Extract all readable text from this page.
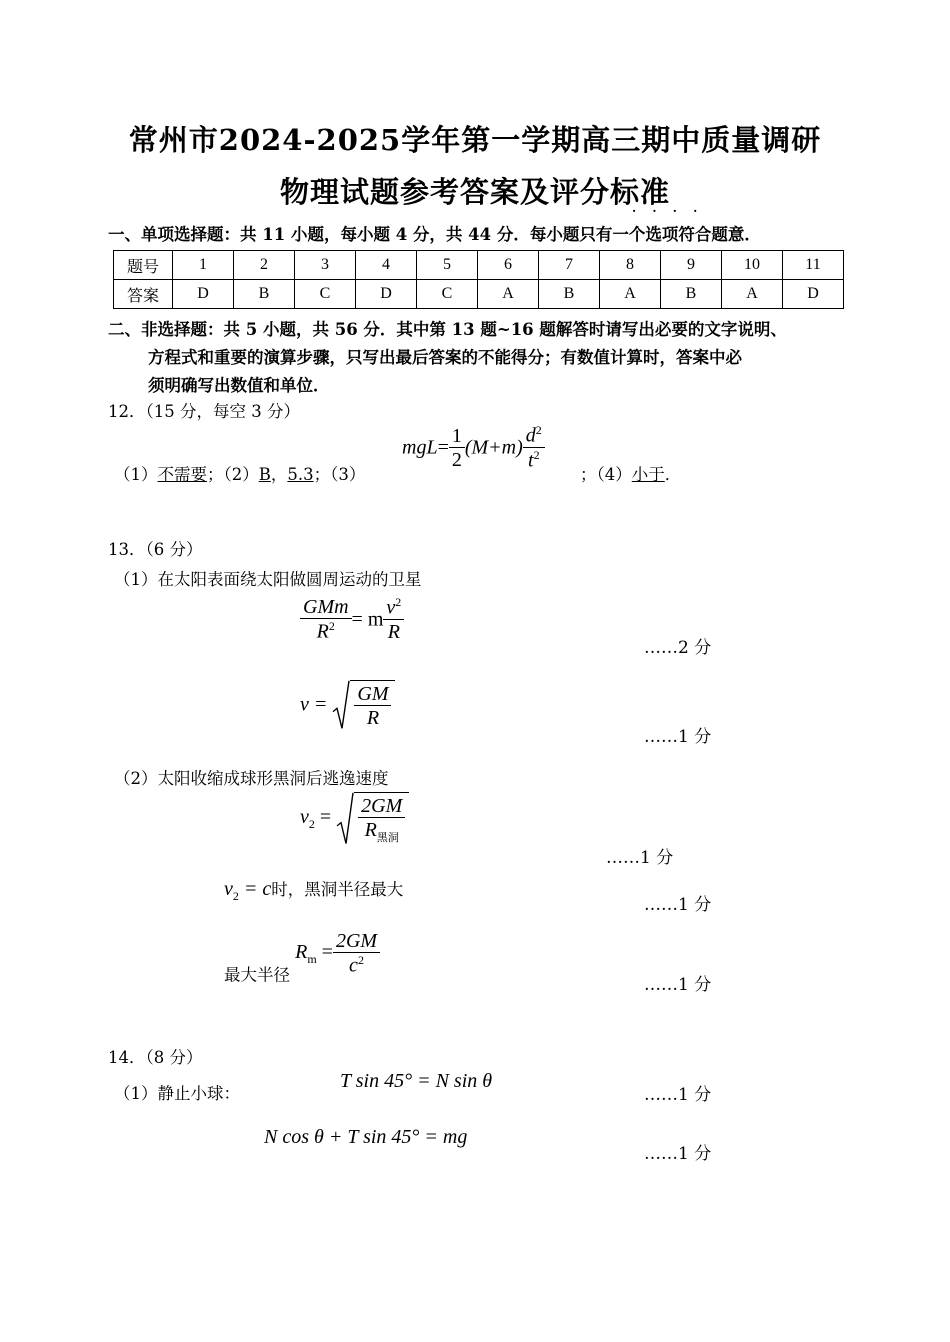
常州市2024-2025学年第一学期高三期中质量调研
物理试题参考答案及评分标准
· · · ·
一、单项选择题：共 11 小题，每小题 4 分，共 44 分．每小题只有一个选项符合题意．
题号	1	2	3	4	5	6	7	8	9	10	11
答案	D	B	C	D	C	A	B	A	B	A	D
二、非选择题：共 5 小题，共 56 分．其中第 13 题~16 题解答时请写出必要的文字说明、
方程式和重要的演算步骤，只写出最后答案的不能得分；有数值计算时，答案中必
须明确写出数值和单位．
12．（15 分，每空 3 分）
（1）不需要；（2）B，5.3；（3）
$mgL= \frac{1}{2} (M+m) \frac{d^2}{t^2}$
；（4）小于．
13．（6 分）
（1）在太阳表面绕太阳做圆周运动的卫星
$\frac{\text{GMm}}{R^2} = m \frac{v^2}{R}$
……2 分
$v = \frac{GM}{R}$
……1 分
（2）太阳收缩成球形黑洞后逃逸速度
$v_2 = \frac{2GM}{R_{黑洞}}$
……1 分
$v_2 = c$时，黑洞半径最大
……1 分
最大半径 $R_m = \frac{2GM}{c^2}$
……1 分
14．（8 分）
（1）静止小球：
T sin 45° = N sin θ
……1 分
N cos θ + T sin 45° = mg
……1 分
